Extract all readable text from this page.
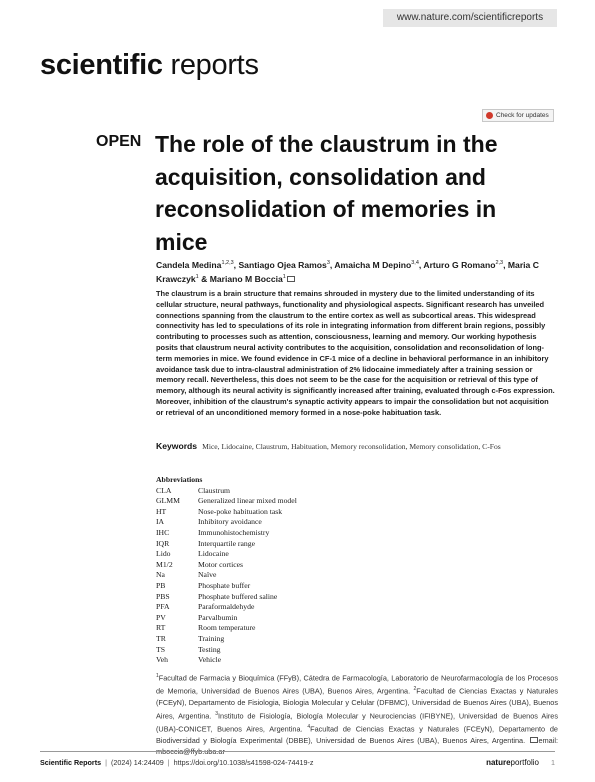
www.nature.com/scientificreports
scientific reports
Check for updates
OPEN The role of the claustrum in the acquisition, consolidation and reconsolidation of memories in mice
Candela Medina$^{1,2,3}$, Santiago Ojea Ramos$^3$, Amaicha M Depino$^{3,4}$, Arturo G Romano$^{2,3}$, Maria C Krawczyk$^1$ & Mariano M Boccia$^1$

The claustrum is a brain structure that remains shrouded in mystery due to the limited understanding of its cellular structure, neural pathways, functionality and physiological aspects. Significant research has unveiled connections spanning from the claustrum to the entire cortex as well as subcortical areas. This widespread connectivity has led to speculations of its role in integrating information from different brain regions, possibly contributing to processes such as attention, consciousness, learning and memory. Our working hypothesis posits that claustrum neural activity contributes to the acquisition, consolidation and reconsolidation of long-term memories in mice. We found evidence in CF-1 mice of a decline in behavioral performance in an inhibitory avoidance task due to intra-claustral administration of 2% lidocaine immediately after a training session or memory recall. Nevertheless, this does not seem to be the case for the acquisition or retrieval of this type of memory, although its neural activity is significantly increased after training, evaluated through c-Fos expression. Moreover, inhibition of the claustrum's synaptic activity appears to impair the consolidation but not acquisition or retrieval of an unconditioned memory formed in a nose-poke habituation task.

Keywords Mice, Lidocaine, Claustrum, Habituation, Memory reconsolidation, Memory consolidation, C-Fos
Abbreviations
CLA	Claustrum
GLMM	Generalized linear mixed model
HT	Nose-poke habituation task
IA	Inhibitory avoidance
IHC	Immunohistochemistry
IQR	Interquartile range
Lido	Lidocaine
M1/2	Motor cortices
Na	Naïve
PB	Phosphate buffer
PBS	Phosphate buffered saline
PFA	Paraformaldehyde
PV	Parvalbumin
RT	Room temperature
TR	Training
TS	Testing
Veh	Vehicle

$^1$Facultad de Farmacia y Bioquímica (FFyB), Cátedra de Farmacología, Laboratorio de Neurofarmacología de los Procesos de Memoria, Universidad de Buenos Aires (UBA), Buenos Aires, Argentina. $^2$Facultad de Ciencias Exactas y Naturales (FCEyN), Departamento de Fisiologia, Biologia Molecular y Celular (DFBMC), Universidad de Buenos Aires (UBA), Buenos Aires, Argentina. $^3$Instituto de Fisiología, Biología Molecular y Neurociencias (IFIBYNE), Universidad de Buenos Aires (UBA)-CONICET, Buenos Aires, Argentina. $^4$Facultad de Ciencias Exactas y Naturales (FCEyN), Departamento de Biodiversidad y Biología Experimental (DBBE), Universidad de Buenos Aires (UBA), Buenos Aires, Argentina. email: mboccia@ffyb.uba.ar

Scientific Reports | (2024) 14:24409 | https://doi.org/10.1038/s41598-024-74419-z	natureportfolio 1
